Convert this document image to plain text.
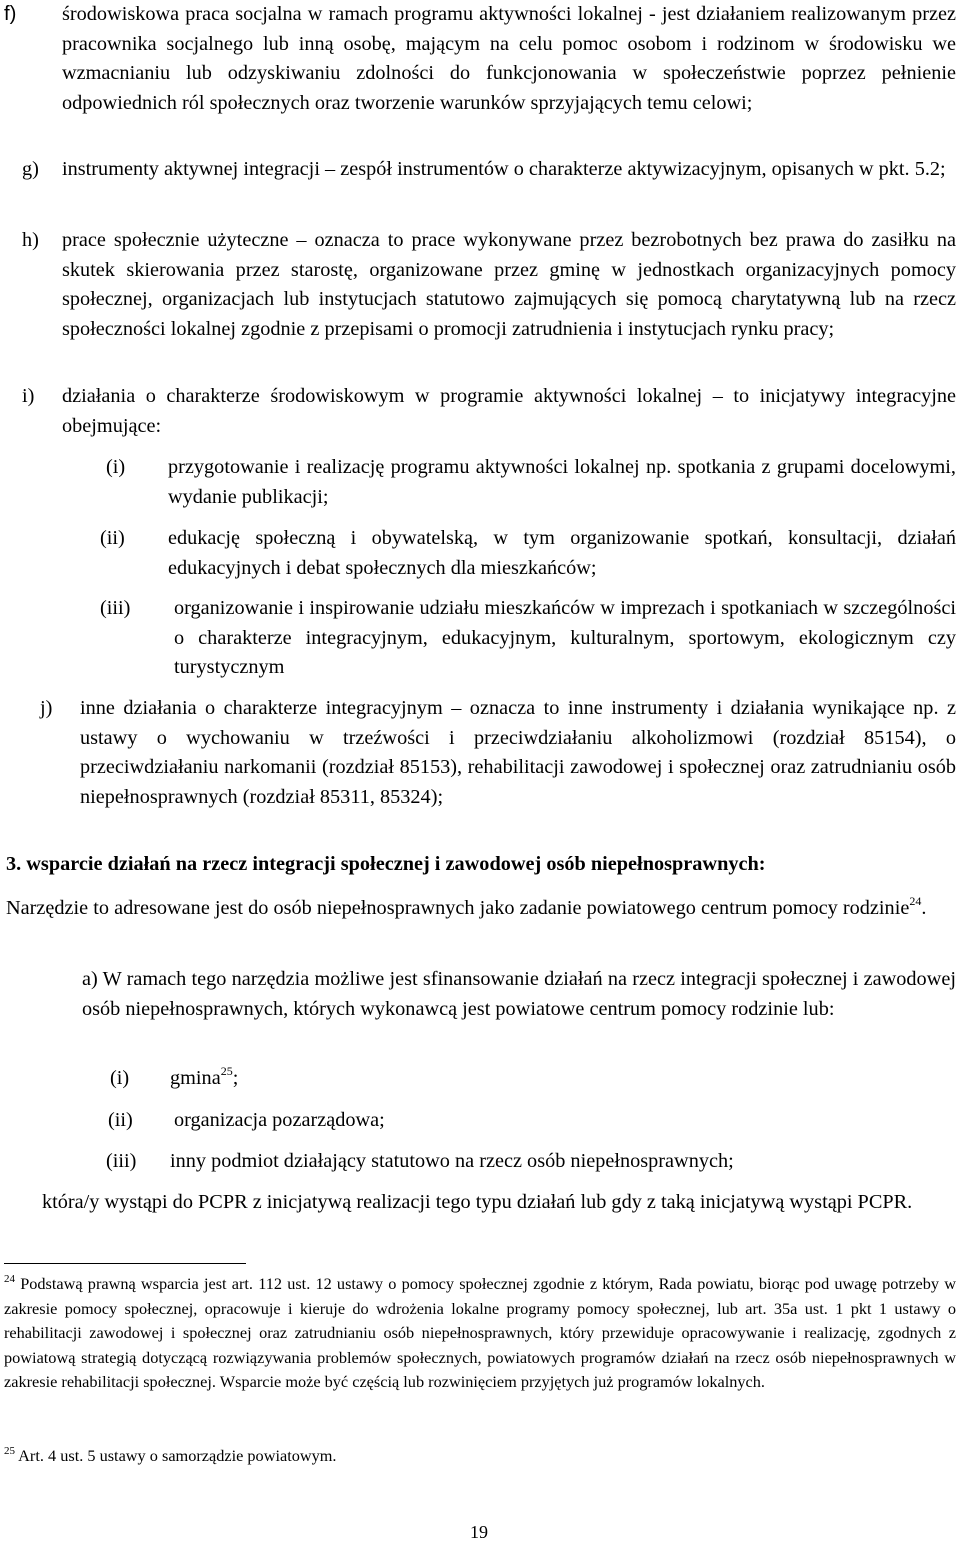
f) środowiskowa praca socjalna w ramach programu aktywności lokalnej - jest działaniem realizowanym przez pracownika socjalnego lub inną osobę, mającym na celu pomoc osobom i rodzinom w środowisku we wzmacnianiu lub odzyskiwaniu zdolności do funkcjonowania w społeczeństwie poprzez pełnienie odpowiednich ról społecznych oraz tworzenie warunków sprzyjających temu celowi;
g) instrumenty aktywnej integracji – zespół instrumentów o charakterze aktywizacyjnym, opisanych w pkt. 5.2;
h) prace społecznie użyteczne – oznacza to prace wykonywane przez bezrobotnych bez prawa do zasiłku na skutek skierowania przez starostę, organizowane przez gminę w jednostkach organizacyjnych pomocy społecznej, organizacjach lub instytucjach statutowo zajmujących się pomocą charytatywną lub na rzecz społeczności lokalnej zgodnie z przepisami o promocji zatrudnienia i instytucjach rynku pracy;
i) działania o charakterze środowiskowym w programie aktywności lokalnej – to inicjatywy integracyjne obejmujące:
(i) przygotowanie i realizację programu aktywności lokalnej np. spotkania z grupami docelowymi, wydanie publikacji;
(ii) edukację społeczną i obywatelską, w tym organizowanie spotkań, konsultacji, działań edukacyjnych i debat społecznych dla mieszkańców;
(iii) organizowanie i inspirowanie udziału mieszkańców w imprezach i spotkaniach w szczególności o charakterze integracyjnym, edukacyjnym, kulturalnym, sportowym, ekologicznym czy turystycznym
j) inne działania o charakterze integracyjnym – oznacza to inne instrumenty i działania wynikające np. z ustawy o wychowaniu w trzeźwości i przeciwdziałaniu alkoholizmowi (rozdział 85154), o przeciwdziałaniu narkomanii (rozdział 85153), rehabilitacji zawodowej i społecznej oraz zatrudnianiu osób niepełnosprawnych (rozdział 85311, 85324);
3. wsparcie działań na rzecz integracji społecznej i zawodowej osób niepełnosprawnych:
Narzędzie to adresowane jest do osób niepełnosprawnych jako zadanie powiatowego centrum pomocy rodzinie$^{24}$.
a) W ramach tego narzędzia możliwe jest sfinansowanie działań na rzecz integracji społecznej i zawodowej osób niepełnosprawnych, których wykonawcą jest powiatowe centrum pomocy rodzinie lub:
(i) gmina$^{25}$;
(ii) organizacja pozarządowa;
(iii) inny podmiot działający statutowo na rzecz osób niepełnosprawnych;
która/y wystąpi do PCPR z inicjatywą realizacji tego typu działań lub gdy z taką inicjatywą wystąpi PCPR.
$^{24}$ Podstawą prawną wsparcia jest art. 112 ust. 12 ustawy o pomocy społecznej zgodnie z którym, Rada powiatu, biorąc pod uwagę potrzeby w zakresie pomocy społecznej, opracowuje i kieruje do wdrożenia lokalne programy pomocy społecznej, lub art. 35a ust. 1 pkt 1 ustawy o rehabilitacji zawodowej i społecznej oraz zatrudnianiu osób niepełnosprawnych, który przewiduje opracowywanie i realizację, zgodnych z powiatową strategią dotyczącą rozwiązywania problemów społecznych, powiatowych programów działań na rzecz osób niepełnosprawnych w zakresie rehabilitacji społecznej. Wsparcie może być częścią lub rozwinięciem przyjętych już programów lokalnych.
$^{25}$ Art. 4 ust. 5 ustawy o samorządzie powiatowym.
19
